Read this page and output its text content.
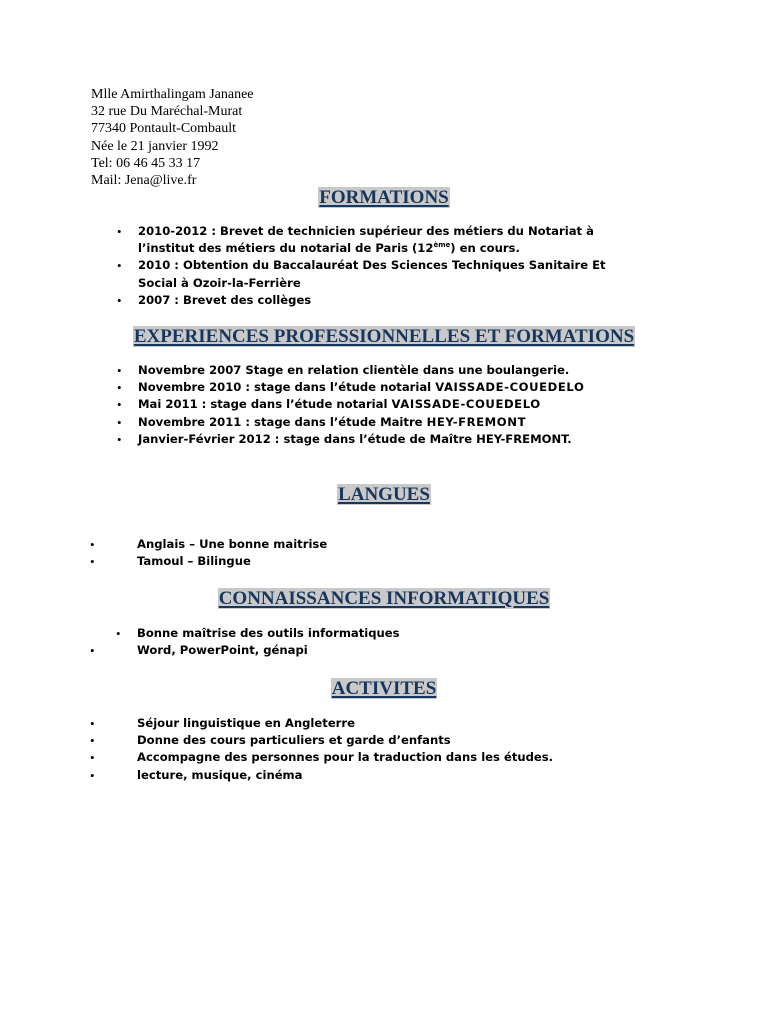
Mlle Amirthalingam Jananee
32 rue Du Maréchal-Murat
77340 Pontault-Combault
Née le 21 janvier 1992
Tel: 06 46 45 33 17
Mail: Jena@live.fr
FORMATIONS
• 2010-2012 : Brevet de technicien supérieur des métiers du Notariat à
l’institut des métiers du notarial de Paris (12ème) en cours.
• 2010 : Obtention du Baccalauréat Des Sciences Techniques Sanitaire Et
Social à Ozoir-la-Ferrière
• 2007 : Brevet des collèges
EXPERIENCES PROFESSIONNELLES ET FORMATIONS
• Novembre 2007 Stage en relation clientèle dans une boulangerie.
• Novembre 2010 : stage dans l’étude notarial VAISSADE-COUEDELO
• Mai 2011 : stage dans l’étude notarial VAISSADE-COUEDELO
• Novembre 2011 : stage dans l’étude Maitre HEY-FREMONT
• Janvier-Février 2012 : stage dans l’étude de Maître HEY-FREMONT.
LANGUES
•	Anglais – Une bonne maitrise
•	Tamoul – Bilingue
CONNAISSANCES INFORMATIQUES
• Bonne maîtrise des outils informatiques
•	Word, PowerPoint, génapi
ACTIVITES
•	Séjour linguistique en Angleterre
•	Donne des cours particuliers et garde d’enfants
•	Accompagne des personnes pour la traduction dans les études.
•	lecture, musique, cinéma
